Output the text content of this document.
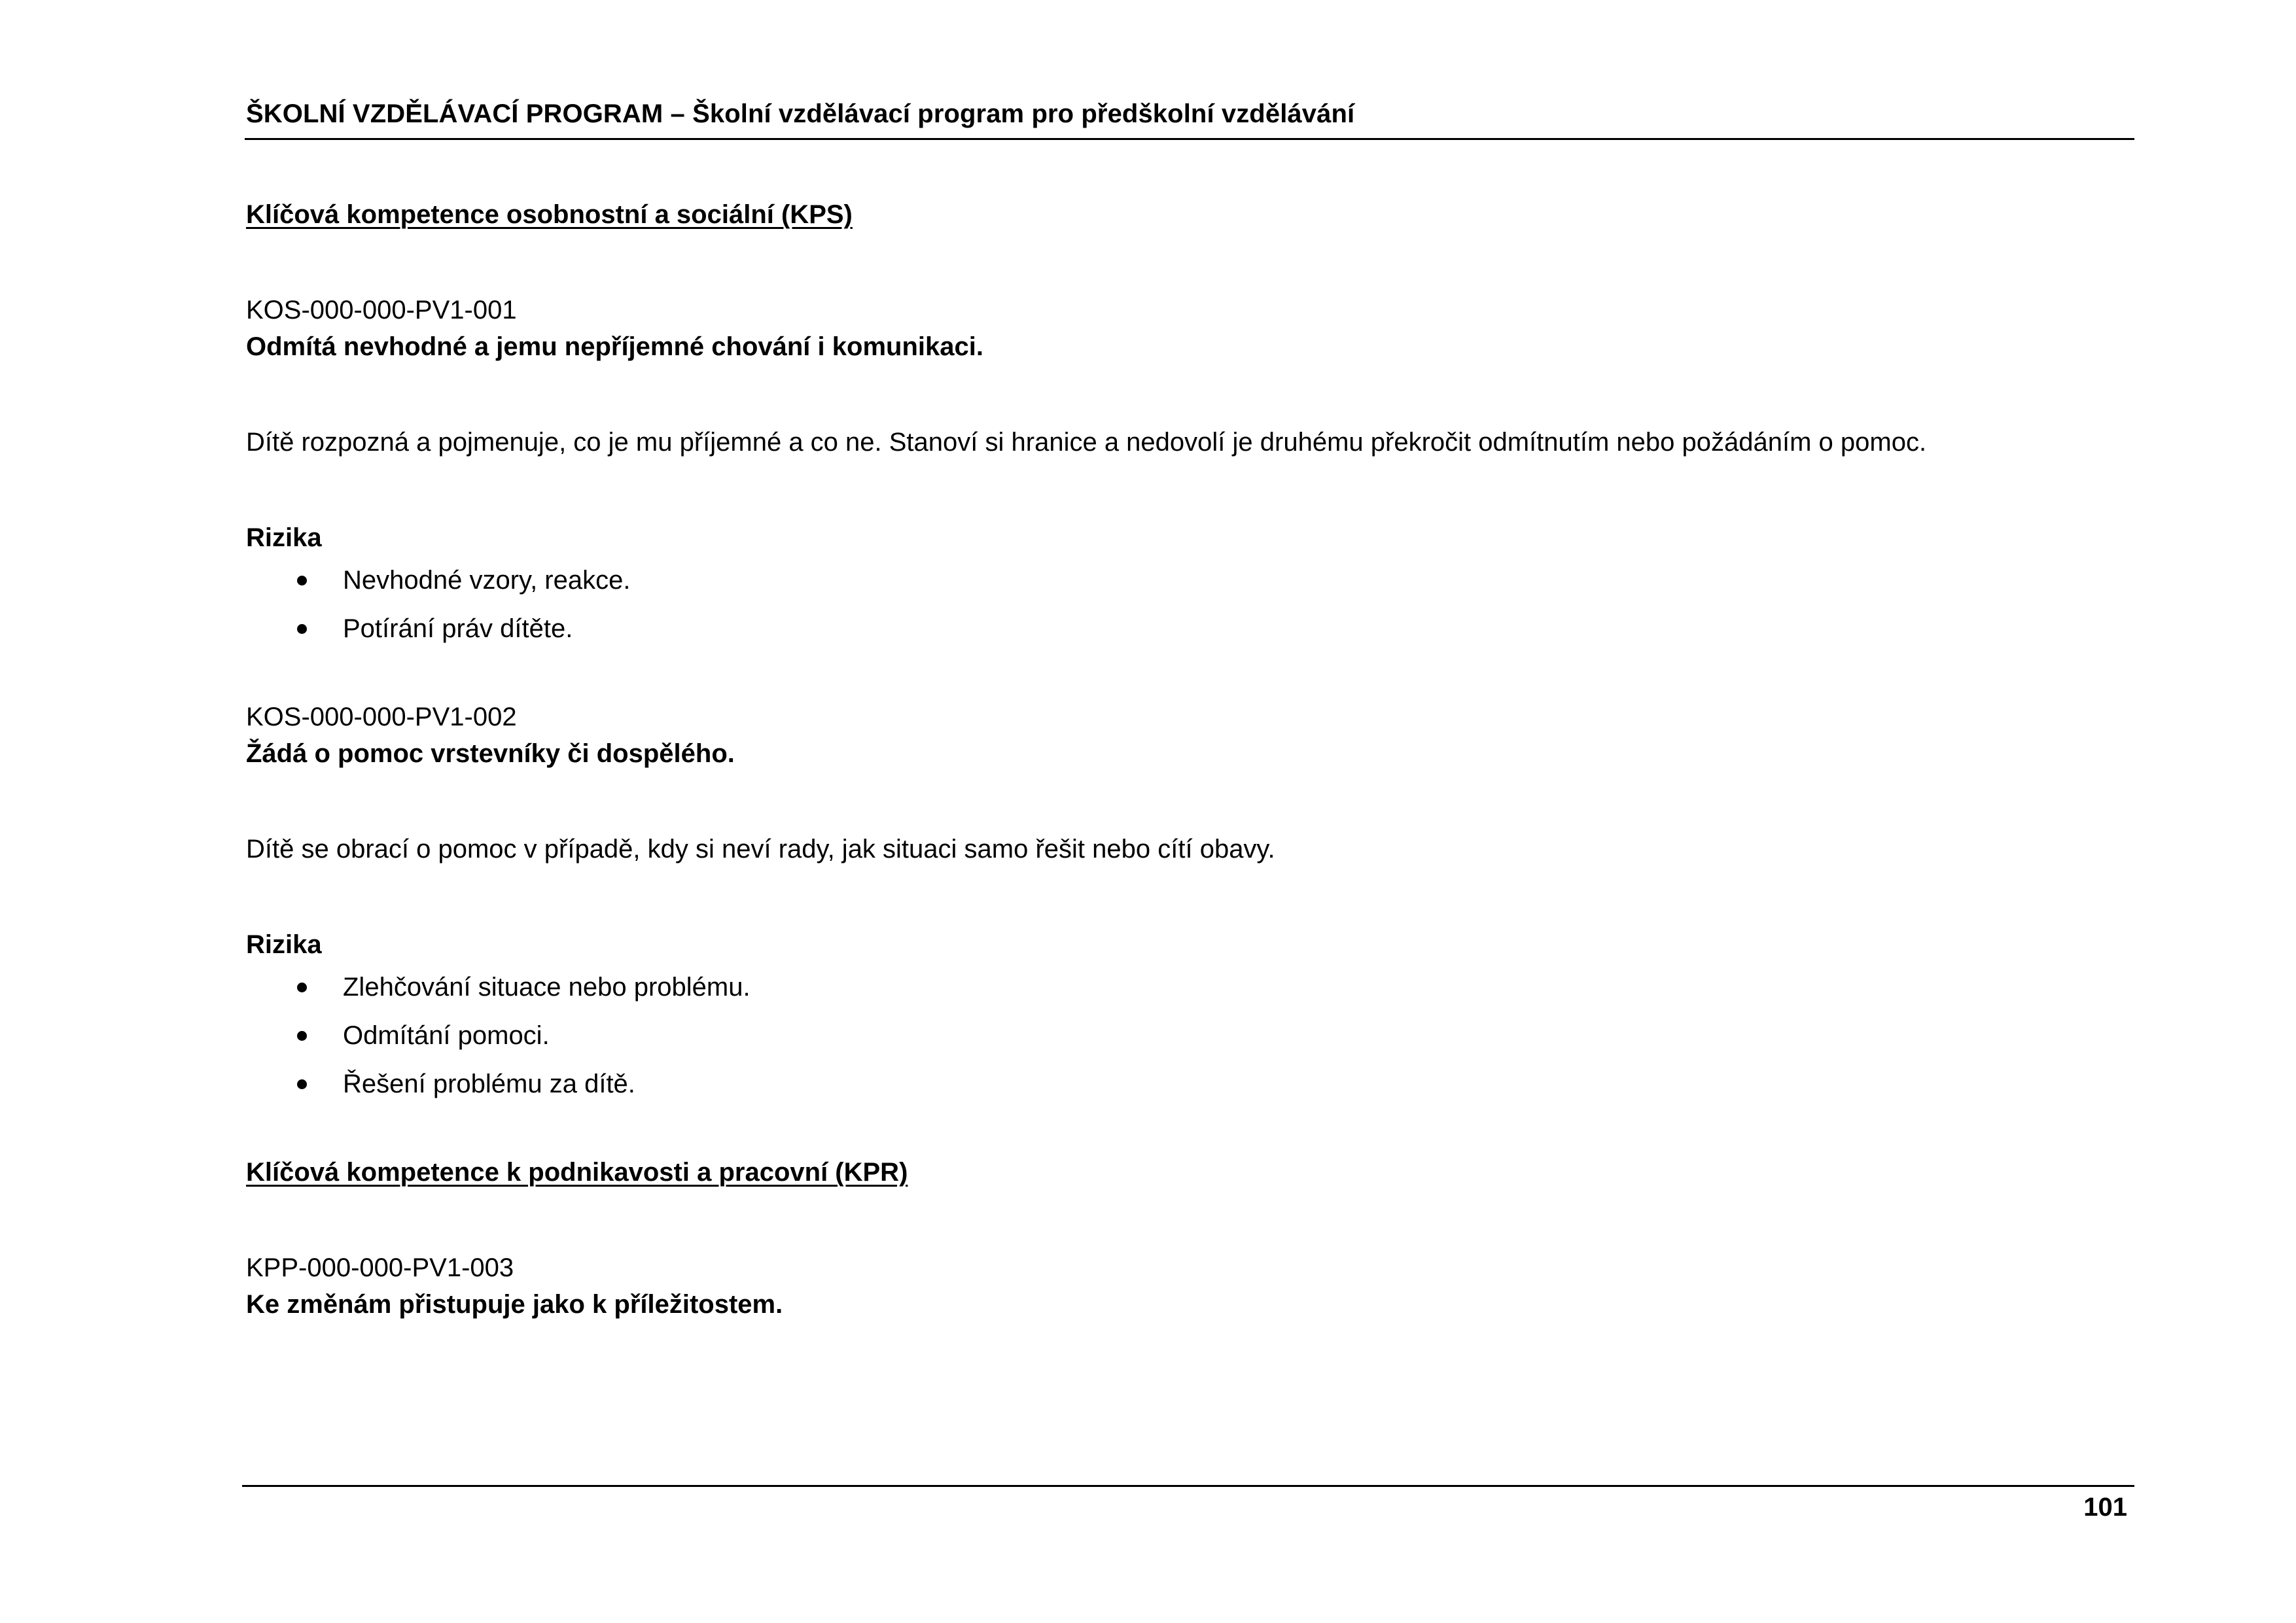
ŠKOLNÍ VZDĚLÁVACÍ PROGRAM – Školní vzdělávací program pro předškolní vzdělávání
Klíčová kompetence osobnostní a sociální (KPS)
KOS-000-000-PV1-001
Odmítá nevhodné a jemu nepříjemné chování i komunikaci.
Dítě rozpozná a pojmenuje, co je mu příjemné a co ne. Stanoví si hranice a nedovolí je druhému překročit odmítnutím nebo požádáním o pomoc.
Rizika
Nevhodné vzory, reakce.
Potírání práv dítěte.
KOS-000-000-PV1-002
Žádá o pomoc vrstevníky či dospělého.
Dítě se obrací o pomoc v případě, kdy si neví rady, jak situaci samo řešit nebo cítí obavy.
Rizika
Zlehčování situace nebo problému.
Odmítání pomoci.
Řešení problému za dítě.
Klíčová kompetence k podnikavosti a pracovní (KPR)
KPP-000-000-PV1-003
Ke změnám přistupuje jako k příležitostem.
101
